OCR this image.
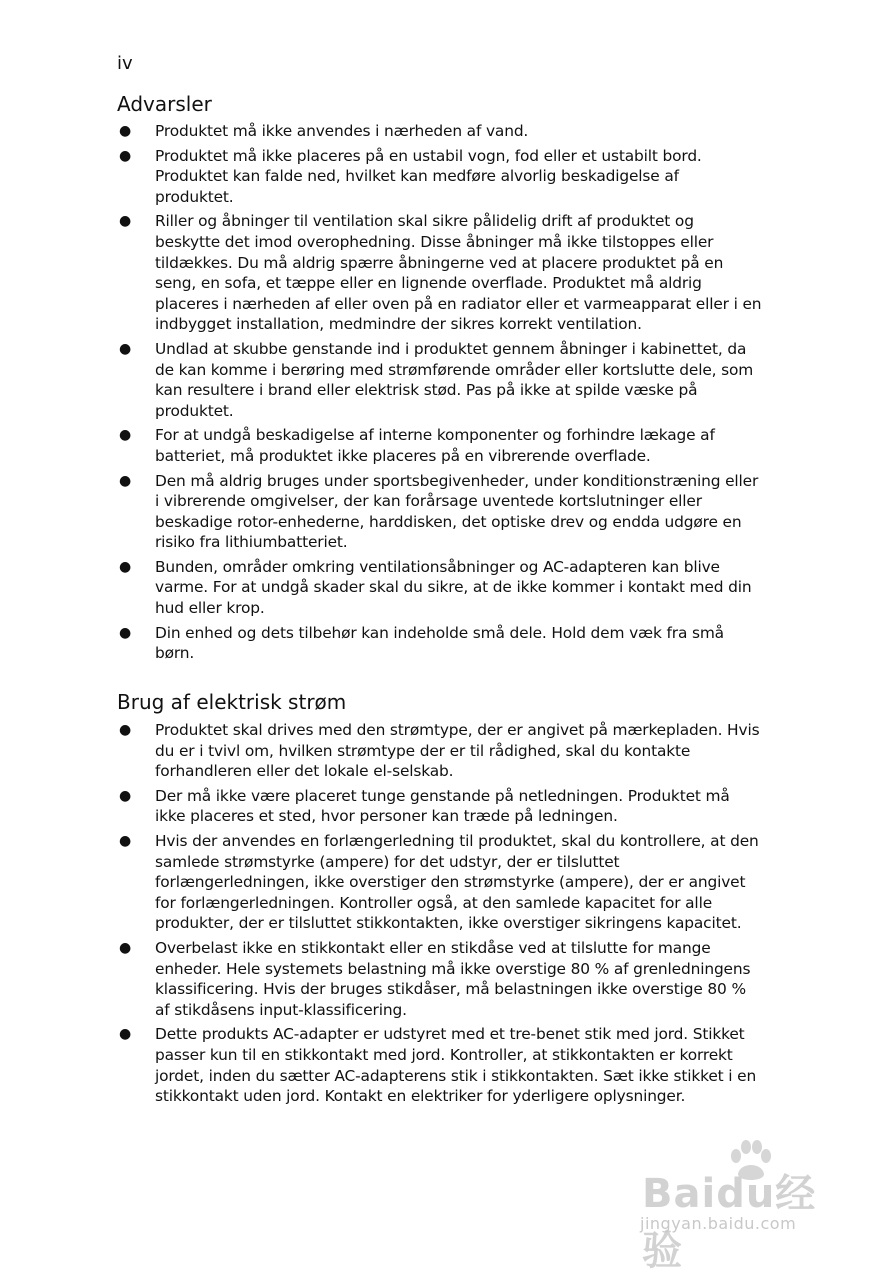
iv
Advarsler
● Produktet må ikke anvendes i nærheden af vand.
● Produktet må ikke placeres på en ustabil vogn, fod eller et ustabilt bord. Produktet kan falde ned, hvilket kan medføre alvorlig beskadigelse af produktet.
● Riller og åbninger til ventilation skal sikre pålidelig drift af produktet og beskytte det imod overophedning. Disse åbninger må ikke tilstoppes eller tildækkes. Du må aldrig spærre åbningerne ved at placere produktet på en seng, en sofa, et tæppe eller en lignende overflade. Produktet må aldrig placeres i nærheden af eller oven på en radiator eller et varmeapparat eller i en indbygget installation, medmindre der sikres korrekt ventilation.
● Undlad at skubbe genstande ind i produktet gennem åbninger i kabinettet, da de kan komme i berøring med strømførende områder eller kortslutte dele, som kan resultere i brand eller elektrisk stød. Pas på ikke at spilde væske på produktet.
● For at undgå beskadigelse af interne komponenter og forhindre lækage af batteriet, må produktet ikke placeres på en vibrerende overflade.
● Den må aldrig bruges under sportsbegivenheder, under konditionstræning eller i vibrerende omgivelser, der kan forårsage uventede kortslutninger eller beskadige rotor-enhederne, harddisken, det optiske drev og endda udgøre en risiko fra lithiumbatteriet.
● Bunden, områder omkring ventilationsåbninger og AC-adapteren kan blive varme. For at undgå skader skal du sikre, at de ikke kommer i kontakt med din hud eller krop.
● Din enhed og dets tilbehør kan indeholde små dele. Hold dem væk fra små børn.
Brug af elektrisk strøm
● Produktet skal drives med den strømtype, der er angivet på mærkepladen. Hvis du er i tvivl om, hvilken strømtype der er til rådighed, skal du kontakte forhandleren eller det lokale el-selskab.
● Der må ikke være placeret tunge genstande på netledningen. Produktet må ikke placeres et sted, hvor personer kan træde på ledningen.
● Hvis der anvendes en forlængerledning til produktet, skal du kontrollere, at den samlede strømstyrke (ampere) for det udstyr, der er tilsluttet forlængerledningen, ikke overstiger den strømstyrke (ampere), der er angivet for forlængerledningen. Kontroller også, at den samlede kapacitet for alle produkter, der er tilsluttet stikkontakten, ikke overstiger sikringens kapacitet.
● Overbelast ikke en stikkontakt eller en stikdåse ved at tilslutte for mange enheder. Hele systemets belastning må ikke overstige 80 % af grenledningens klassificering. Hvis der bruges stikdåser, må belastningen ikke overstige 80 % af stikdåsens input-klassificering.
● Dette produkts AC-adapter er udstyret med et tre-benet stik med jord. Stikket passer kun til en stikkontakt med jord. Kontroller, at stikkontakten er korrekt jordet, inden du sætter AC-adapterens stik i stikkontakten. Sæt ikke stikket i en stikkontakt uden jord. Kontakt en elektriker for yderligere oplysninger.
Baidu经验
jingyan.baidu.com
